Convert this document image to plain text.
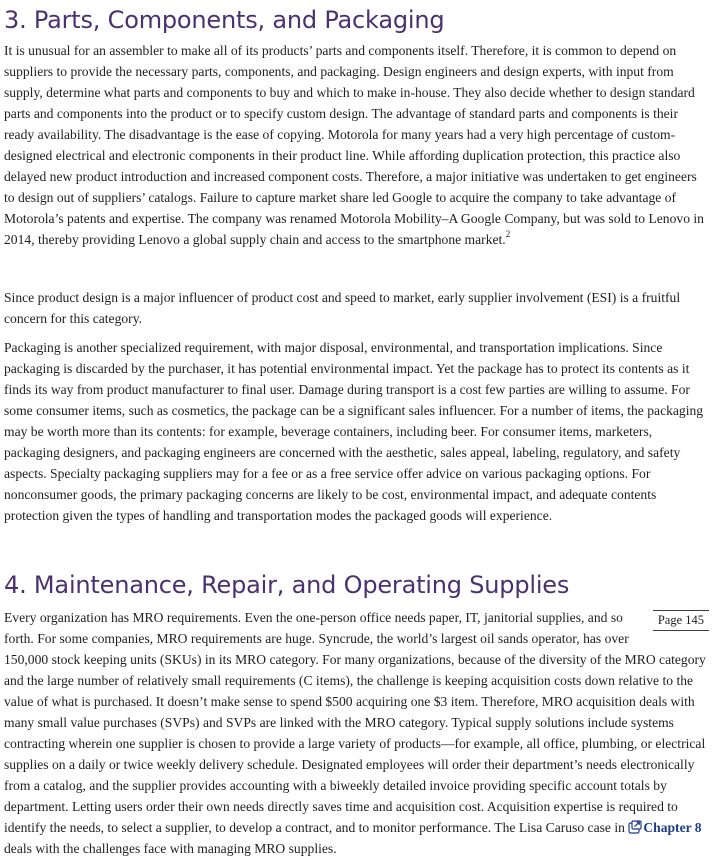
3. Parts, Components, and Packaging

It is unusual for an assembler to make all of its products’ parts and components itself. Therefore, it is common to depend on suppliers to provide the necessary parts, components, and packaging. Design engineers and design experts, with input from supply, determine what parts and components to buy and which to make in-house. They also decide whether to design standard parts and components into the product or to specify custom design. The advantage of standard parts and components is their ready availability. The disadvantage is the ease of copying. Motorola for many years had a very high percentage of custom-designed electrical and electronic components in their product line. While affording duplication protection, this practice also delayed new product introduction and increased component costs. Therefore, a major initiative was undertaken to get engineers to design out of suppliers’ catalogs. Failure to capture market share led Google to acquire the company to take advantage of Motorola’s patents and expertise. The company was renamed Motorola Mobility–A Google Company, but was sold to Lenovo in 2014, thereby providing Lenovo a global supply chain and access to the smartphone market.$^2$

Since product design is a major influencer of product cost and speed to market, early supplier involvement (ESI) is a fruitful concern for this category.

Packaging is another specialized requirement, with major disposal, environmental, and transportation implications. Since packaging is discarded by the purchaser, it has potential environmental impact. Yet the package has to protect its contents as it finds its way from product manufacturer to final user. Damage during transport is a cost few parties are willing to assume. For some consumer items, such as cosmetics, the package can be a significant sales influencer. For a number of items, the packaging may be worth more than its contents: for example, beverage containers, including beer. For consumer items, marketers, packaging designers, and packaging engineers are concerned with the aesthetic, sales appeal, labeling, regulatory, and safety aspects. Specialty packaging suppliers may for a fee or as a free service offer advice on various packaging options. For nonconsumer goods, the primary packaging concerns are likely to be cost, environmental impact, and adequate contents protection given the types of handling and transportation modes the packaged goods will experience.

4. Maintenance, Repair, and Operating Supplies

Page 145
Every organization has MRO requirements. Even the one-person office needs paper, IT, janitorial supplies, and so forth. For some companies, MRO requirements are huge. Syncrude, the world’s largest oil sands operator, has over 150,000 stock keeping units (SKUs) in its MRO category. For many organizations, because of the diversity of the MRO category and the large number of relatively small requirements (C items), the challenge is keeping acquisition costs down relative to the value of what is purchased. It doesn’t make sense to spend $500 acquiring one $3 item. Therefore, MRO acquisition deals with many small value purchases (SVPs) and SVPs are linked with the MRO category. Typical supply solutions include systems contracting wherein one supplier is chosen to provide a large variety of products—for example, all office, plumbing, or electrical supplies on a daily or twice weekly delivery schedule. Designated employees will order their department’s needs electronically from a catalog, and the supplier provides accounting with a biweekly detailed invoice providing specific account totals by department. Letting users order their own needs directly saves time and acquisition cost. Acquisition expertise is required to identify the needs, to select a supplier, to develop a contract, and to monitor performance. The Lisa Caruso case in Chapter 8 deals with the challenges face with managing MRO supplies.
